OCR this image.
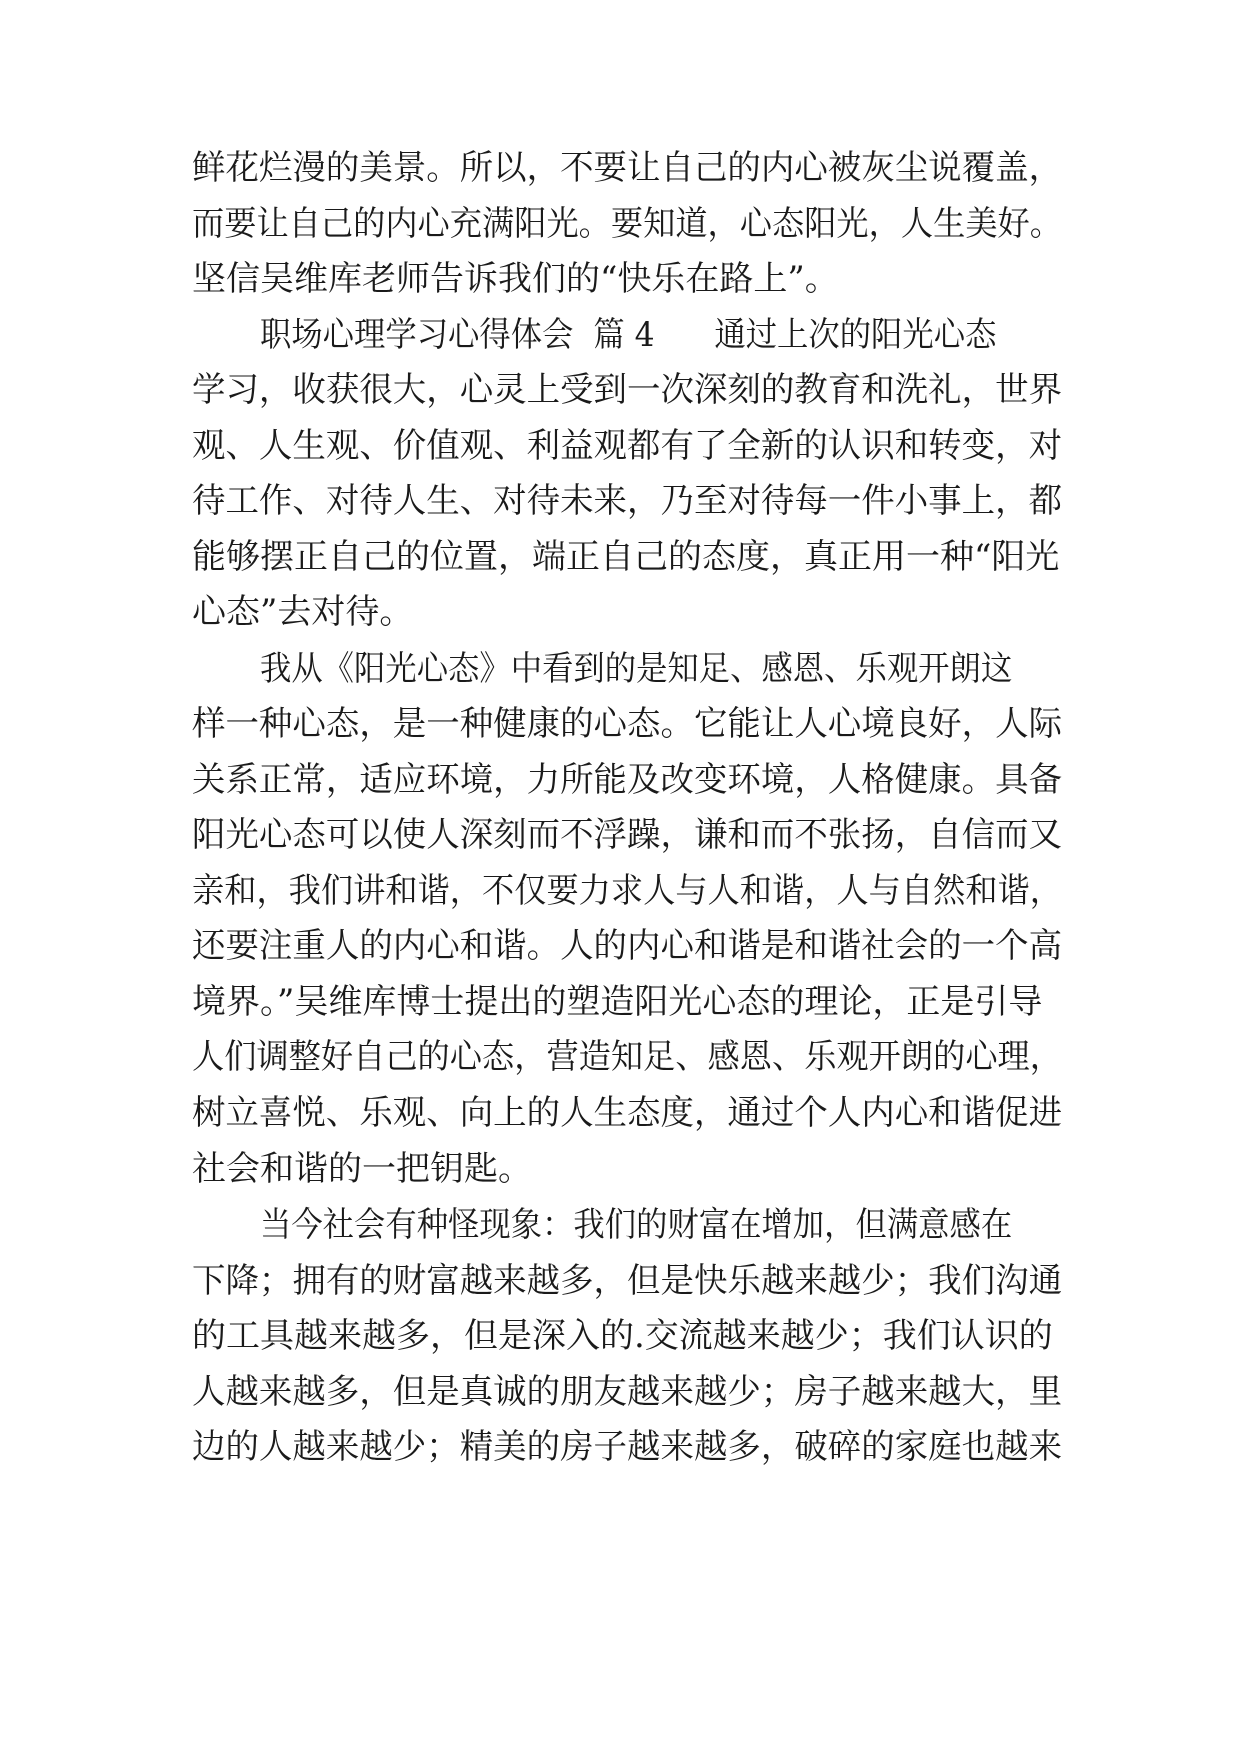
鲜花烂漫的美景。所以，不要让自己的内心被灰尘说覆盖，
而要让自己的内心充满阳光。要知道，心态阳光，人生美好。
坚信吴维库老师告诉我们的“快乐在路上”。
职场心理学习心得体会  篇 4      通过上次的阳光心态
学习，收获很大，心灵上受到一次深刻的教育和洗礼，世界
观、人生观、价值观、利益观都有了全新的认识和转变，对
待工作、对待人生、对待未来，乃至对待每一件小事上，都
能够摆正自己的位置，端正自己的态度，真正用一种“阳光
心态”去对待。
我从《阳光心态》中看到的是知足、感恩、乐观开朗这
样一种心态，是一种健康的心态。它能让人心境良好，人际
关系正常，适应环境，力所能及改变环境，人格健康。具备
阳光心态可以使人深刻而不浮躁，谦和而不张扬，自信而又
亲和，我们讲和谐，不仅要力求人与人和谐，人与自然和谐，
还要注重人的内心和谐。人的内心和谐是和谐社会的一个高
境界。”吴维库博士提出的塑造阳光心态的理论，正是引导
人们调整好自己的心态，营造知足、感恩、乐观开朗的心理，
树立喜悦、乐观、向上的人生态度，通过个人内心和谐促进
社会和谐的一把钥匙。
当今社会有种怪现象：我们的财富在增加，但满意感在
下降；拥有的财富越来越多，但是快乐越来越少；我们沟通
的工具越来越多，但是深入的.交流越来越少；我们认识的
人越来越多，但是真诚的朋友越来越少；房子越来越大，里
边的人越来越少；精美的房子越来越多，破碎的家庭也越来
